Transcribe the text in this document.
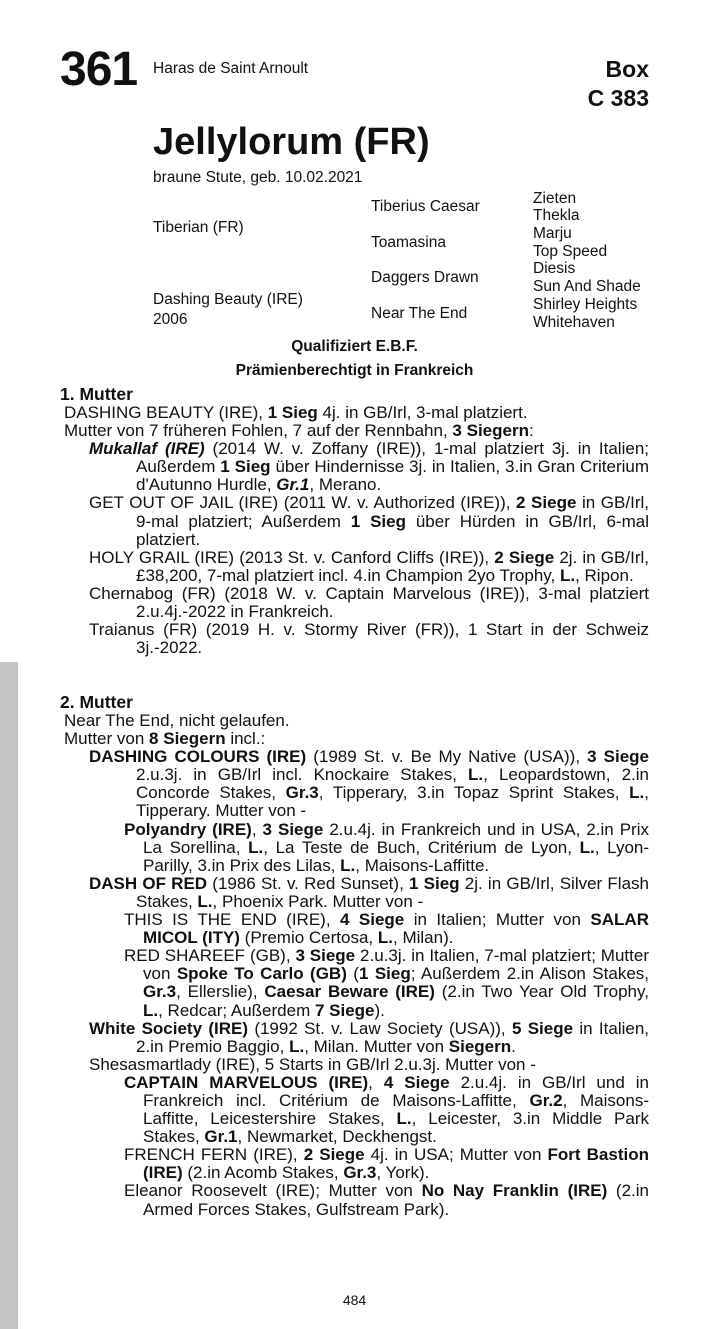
361 Haras de Saint Arnoult	Box
C 383
Jellylorum (FR)
braune Stute, geb. 10.02.2021
Tiberian (FR)
Dashing Beauty (IRE)
2006
Tiberius Caesar
Toamasina
Daggers Drawn
Near The End
Zieten
Thekla
Marju
Top Speed
Diesis
Sun And Shade
Shirley Heights
Whitehaven
Qualifiziert E.B.F.
Prämienberechtigt in Frankreich
1. Mutter
DASHING BEAUTY (IRE), 1 Sieg 4j. in GB/Irl, 3-mal platziert.
Mutter von 7 früheren Fohlen, 7 auf der Rennbahn, 3 Siegern:
Mukallaf (IRE) (2014 W. v. Zoffany (IRE)), 1-mal platziert 3j. in Italien; Außerdem 1 Sieg über Hindernisse 3j. in Italien, 3.in Gran Criterium d'Autunno Hurdle, Gr.1, Merano.
GET OUT OF JAIL (IRE) (2011 W. v. Authorized (IRE)), 2 Siege in GB/Irl, 9-mal platziert; Außerdem 1 Sieg über Hürden in GB/Irl, 6-mal platziert.
HOLY GRAIL (IRE) (2013 St. v. Canford Cliffs (IRE)), 2 Siege 2j. in GB/Irl, £38,200, 7-mal platziert incl. 4.in Champion 2yo Trophy, L., Ripon.
Chernabog (FR) (2018 W. v. Captain Marvelous (IRE)), 3-mal platziert 2.u.4j.-2022 in Frankreich.
Traianus (FR) (2019 H. v. Stormy River (FR)), 1 Start in der Schweiz 3j.-2022.
2. Mutter
Near The End, nicht gelaufen.
Mutter von 8 Siegern incl.:
DASHING COLOURS (IRE) (1989 St. v. Be My Native (USA)), 3 Siege 2.u.3j. in GB/Irl incl. Knockaire Stakes, L., Leopardstown, 2.in Concorde Stakes, Gr.3, Tipperary, 3.in Topaz Sprint Stakes, L., Tipperary. Mutter von -
Polyandry (IRE), 3 Siege 2.u.4j. in Frankreich und in USA, 2.in Prix La Sorellina, L., La Teste de Buch, Critérium de Lyon, L., Lyon-Parilly, 3.in Prix des Lilas, L., Maisons-Laffitte.
DASH OF RED (1986 St. v. Red Sunset), 1 Sieg 2j. in GB/Irl, Silver Flash Stakes, L., Phoenix Park. Mutter von -
THIS IS THE END (IRE), 4 Siege in Italien; Mutter von SALAR MICOL (ITY) (Premio Certosa, L., Milan).
RED SHAREEF (GB), 3 Siege 2.u.3j. in Italien, 7-mal platziert; Mutter von Spoke To Carlo (GB) (1 Sieg; Außerdem 2.in Alison Stakes, Gr.3, Ellerslie), Caesar Beware (IRE) (2.in Two Year Old Trophy, L., Redcar; Außerdem 7 Siege).
White Society (IRE) (1992 St. v. Law Society (USA)), 5 Siege in Italien, 2.in Premio Baggio, L., Milan. Mutter von Siegern.
Shesasmartlady (IRE), 5 Starts in GB/Irl 2.u.3j. Mutter von -
CAPTAIN MARVELOUS (IRE), 4 Siege 2.u.4j. in GB/Irl und in Frankreich incl. Critérium de Maisons-Laffitte, Gr.2, Maisons-Laffitte, Leicestershire Stakes, L., Leicester, 3.in Middle Park Stakes, Gr.1, Newmarket, Deckhengst.
FRENCH FERN (IRE), 2 Siege 4j. in USA; Mutter von Fort Bastion (IRE) (2.in Acomb Stakes, Gr.3, York).
Eleanor Roosevelt (IRE); Mutter von No Nay Franklin (IRE) (2.in Armed Forces Stakes, Gulfstream Park).
484
